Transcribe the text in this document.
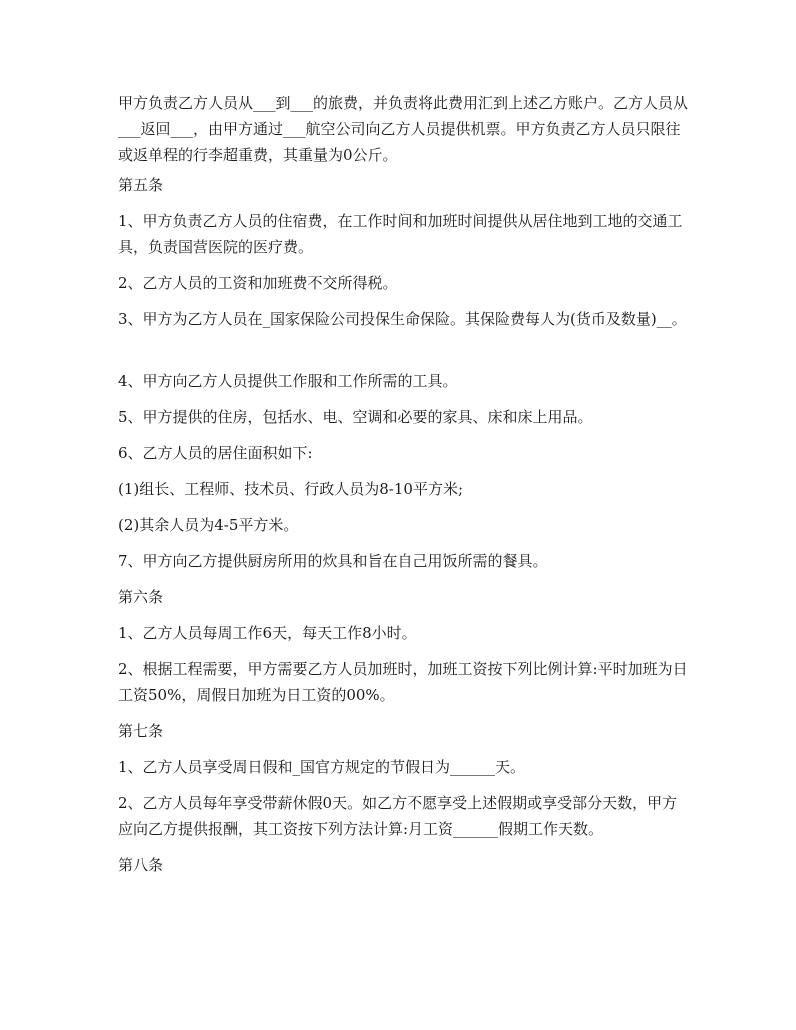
甲方负责乙方人员从___到___的旅费，并负责将此费用汇到上述乙方账户。乙方人员从___返回___，由甲方通过___航空公司向乙方人员提供机票。甲方负责乙方人员只限往或返单程的行李超重费，其重量为0公斤。

第五条

1、甲方负责乙方人员的住宿费，在工作时间和加班时间提供从居住地到工地的交通工具，负责国营医院的医疗费。

2、乙方人员的工资和加班费不交所得税。

3、甲方为乙方人员在_国家保险公司投保生命保险。其保险费每人为(货币及数量)__。

4、甲方向乙方人员提供工作服和工作所需的工具。

5、甲方提供的住房，包括水、电、空调和必要的家具、床和床上用品。

6、乙方人员的居住面积如下:

(1)组长、工程师、技术员、行政人员为8-10平方米;

(2)其余人员为4-5平方米。

7、甲方向乙方提供厨房所用的炊具和旨在自己用饭所需的餐具。

第六条

1、乙方人员每周工作6天，每天工作8小时。

2、根据工程需要，甲方需要乙方人员加班时，加班工资按下列比例计算:平时加班为日工资50%，周假日加班为日工资的00%。

第七条

1、乙方人员享受周日假和_国官方规定的节假日为______天。

2、乙方人员每年享受带薪休假0天。如乙方不愿享受上述假期或享受部分天数，甲方应向乙方提供报酬，其工资按下列方法计算:月工资______假期工作天数。

第八条
